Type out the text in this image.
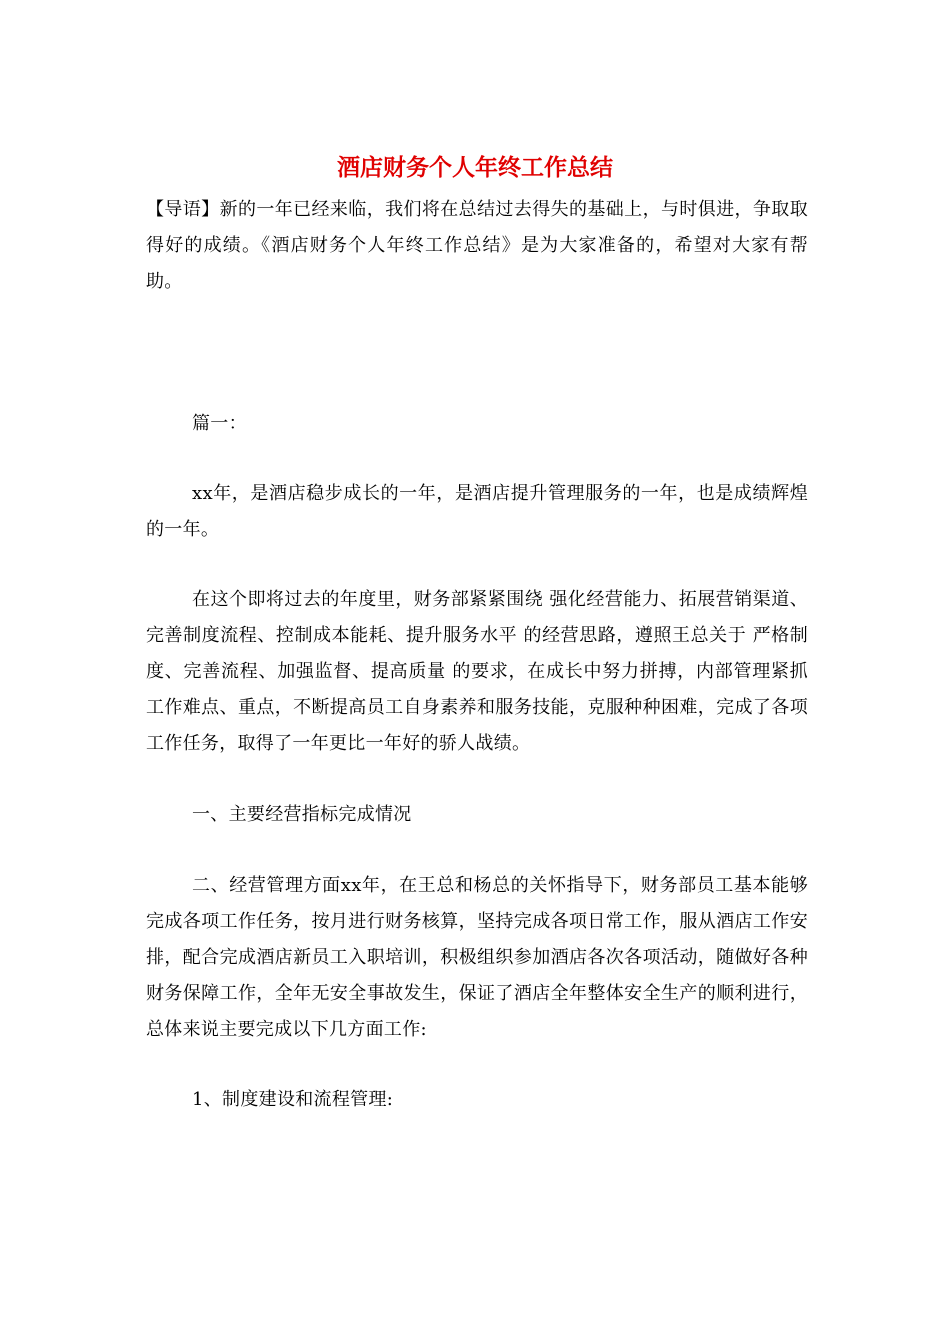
酒店财务个人年终工作总结

【导语】新的一年已经来临，我们将在总结过去得失的基础上，与时俱进，争取取得好的成绩。《酒店财务个人年终工作总结》是为大家准备的，希望对大家有帮助。

篇一：

xx年，是酒店稳步成长的一年，是酒店提升管理服务的一年，也是成绩辉煌的一年。

在这个即将过去的年度里，财务部紧紧围绕 强化经营能力、拓展营销渠道、完善制度流程、控制成本能耗、提升服务水平 的经营思路，遵照王总关于 严格制度、完善流程、加强监督、提高质量 的要求，在成长中努力拼搏，内部管理紧抓工作难点、重点，不断提高员工自身素养和服务技能，克服种种困难，完成了各项工作任务，取得了一年更比一年好的骄人战绩。

一、主要经营指标完成情况

二、经营管理方面xx年，在王总和杨总的关怀指导下，财务部员工基本能够完成各项工作任务，按月进行财务核算，坚持完成各项日常工作，服从酒店工作安排，配合完成酒店新员工入职培训，积极组织参加酒店各次各项活动，随做好各种财务保障工作，全年无安全事故发生，保证了酒店全年整体安全生产的顺利进行，总体来说主要完成以下几方面工作:

1、制度建设和流程管理:
